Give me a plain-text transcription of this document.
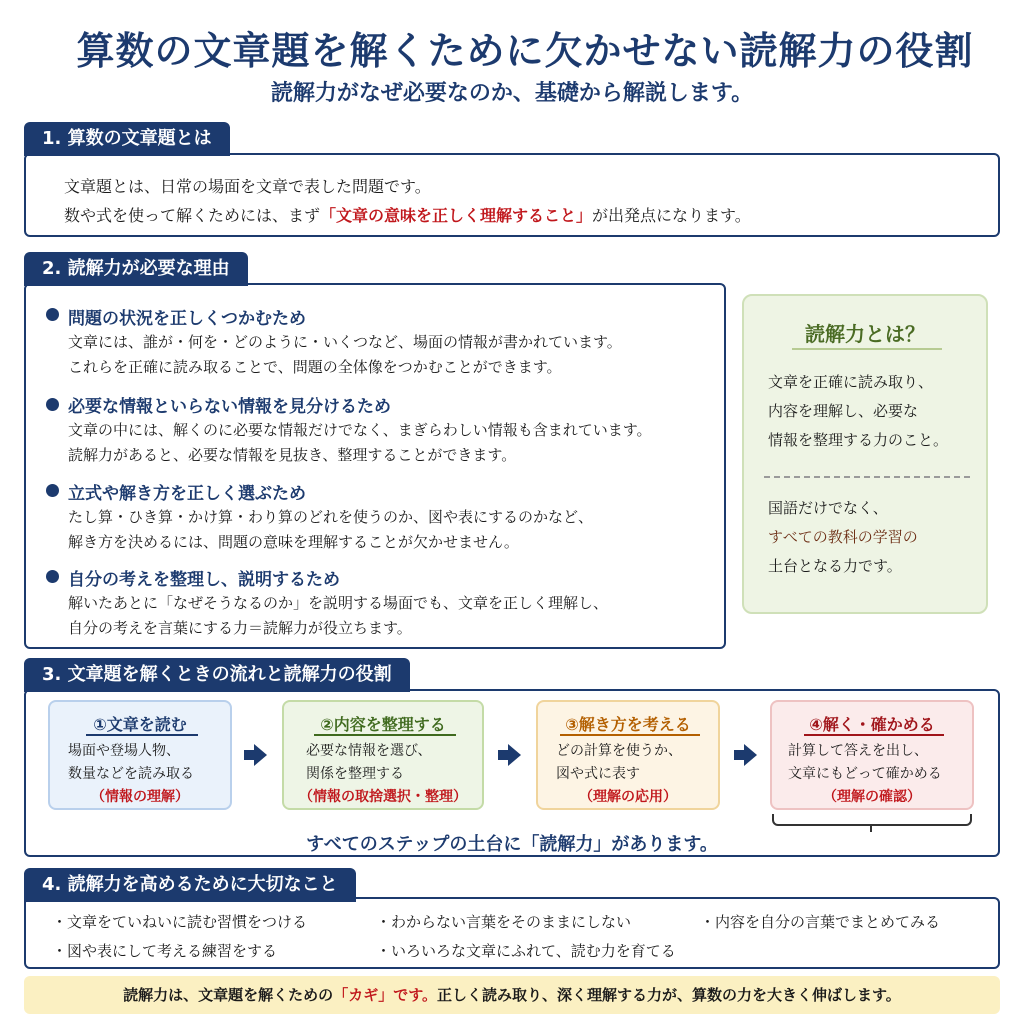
算数の文章題を解くために欠かせない読解力の役割
読解力がなぜ必要なのか、基礎から解説します。
1. 算数の文章題とは
文章題とは、日常の場面を文章で表した問題です。
数や式を使って解くためには、まず「文章の意味を正しく理解すること」が出発点になります。
2. 読解力が必要な理由
問題の状況を正しくつかむため
文章には、誰が・何を・どのように・いくつなど、場面の情報が書かれています。
これらを正確に読み取ることで、問題の全体像をつかむことができます。
必要な情報といらない情報を見分けるため
文章の中には、解くのに必要な情報だけでなく、まぎらわしい情報も含まれています。
読解力があると、必要な情報を見抜き、整理することができます。
立式や解き方を正しく選ぶため
たし算・ひき算・かけ算・わり算のどれを使うのか、図や表にするのかなど、
解き方を決めるには、問題の意味を理解することが欠かせません。
自分の考えを整理し、説明するため
解いたあとに「なぜそうなるのか」を説明する場面でも、文章を正しく理解し、
自分の考えを言葉にする力＝読解力が役立ちます。
読解力とは？
文章を正確に読み取り、
内容を理解し、必要な
情報を整理する力のこと。
国語だけでなく、
すべての教科の学習の
土台となる力です。
3. 文章題を解くときの流れと読解力の役割
①文章を読む
場面や登場人物、
数量などを読み取る
（情報の理解）
②内容を整理する
必要な情報を選び、
関係を整理する
（情報の取捨選択・整理）
③解き方を考える
どの計算を使うか、
図や式に表す
（理解の応用）
④解く・確かめる
計算して答えを出し、
文章にもどって確かめる
（理解の確認）
すべてのステップの土台に「読解力」があります。
4. 読解力を高めるために大切なこと
・文章をていねいに読む習慣をつける	・わからない言葉をそのままにしない	・内容を自分の言葉でまとめてみる
・図や表にして考える練習をする	・いろいろな文章にふれて、読む力を育てる
読解力は、文章題を解くための「カギ」です。正しく読み取り、深く理解する力が、算数の力を大きく伸ばします。
